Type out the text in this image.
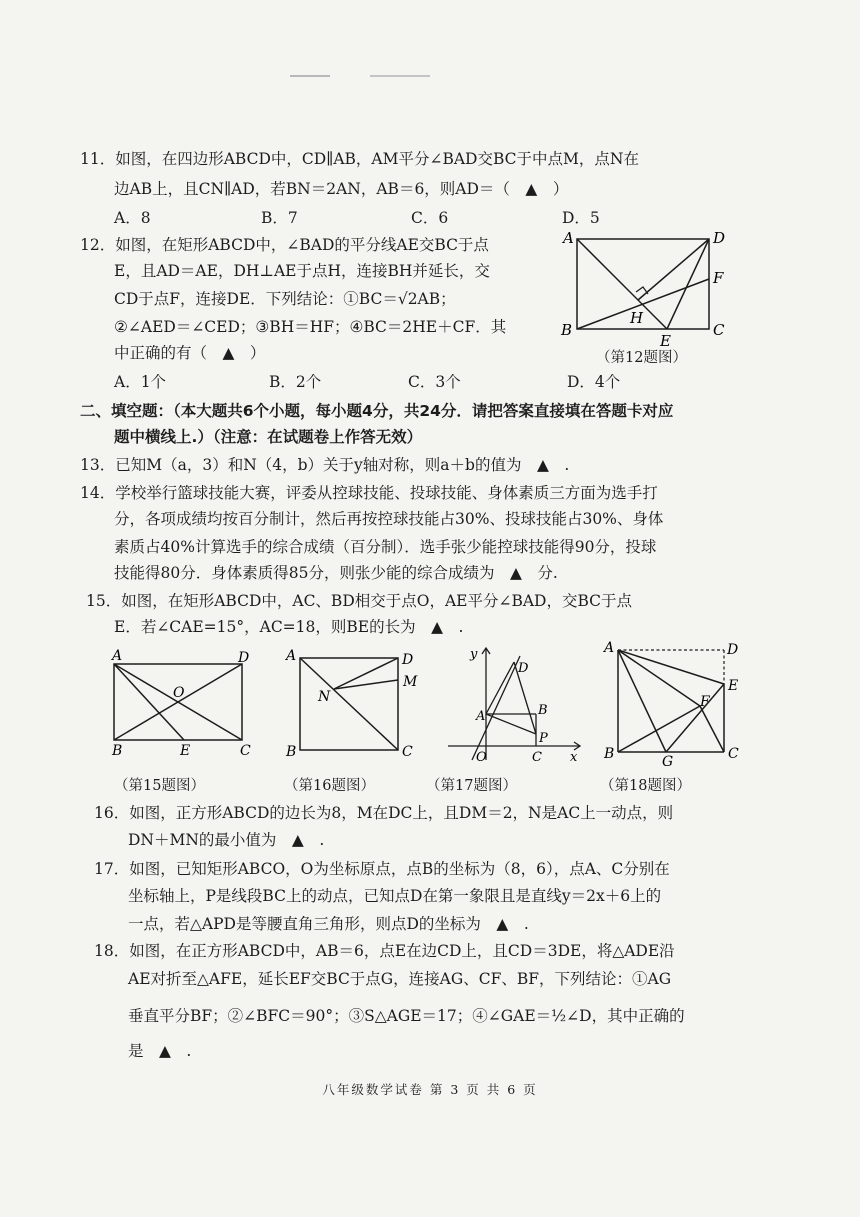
11．如图，在四边形ABCD中，CD∥AB，AM平分∠BAD交BC于中点M，点N在
边AB上，且CN∥AD，若BN＝2AN，AB＝6，则AD＝（　▲　）
A．8	B．7	C．6	D．5
12．如图，在矩形ABCD中，∠BAD的平分线AE交BC于点
E，且AD＝AE，DH⊥AE于点H，连接BH并延长，交
CD于点F，连接DE．下列结论：①BC＝√2AB；
②∠AED＝∠CED；③BH＝HF；④BC＝2HE＋CF．其
中正确的有（　▲　）
A	D
F
H
B
E
C
（第12题图）
A．1个	B．2个	C．3个	D．4个
二、填空题：（本大题共6个小题，每小题4分，共24分．请把答案直接填在答题卡对应
题中横线上.）（注意：在试题卷上作答无效）
13．已知M（a，3）和N（4，b）关于y轴对称，则a＋b的值为　▲　.
14．学校举行篮球技能大赛，评委从控球技能、投球技能、身体素质三方面为选手打
分，各项成绩均按百分制计，然后再按控球技能占30%、投球技能占30%、身体
素质占40%计算选手的综合成绩（百分制）．选手张少能控球技能得90分，投球
技能得80分．身体素质得85分，则张少能的综合成绩为　▲　分.
15．如图，在矩形ABCD中，AC、BD相交于点O，AE平分∠BAD，交BC于点
E．若∠CAE=15°，AC=18，则BE的长为　▲　.
A	D
O
B	E	C
A	D
M
N
B	C
y
D
A	B
P
O	C x
A	D
E
F
B	G	C
（第15题图）	（第16题图）	（第17题图）	（第18题图）
16．如图，正方形ABCD的边长为8，M在DC上，且DM＝2，N是AC上一动点，则
DN＋MN的最小值为　▲　.
17．如图，已知矩形ABCO，O为坐标原点，点B的坐标为（8，6），点A、C分别在
坐标轴上，P是线段BC上的动点，已知点D在第一象限且是直线y＝2x＋6上的
一点，若△APD是等腰直角三角形，则点D的坐标为　▲　.
18．如图，在正方形ABCD中，AB＝6，点E在边CD上，且CD＝3DE，将△ADE沿
AE对折至△AFE，延长EF交BC于点G，连接AG、CF、BF，下列结论：①AG
垂直平分BF；②∠BFC＝90°；③S△AGE＝17；④∠GAE＝½∠D，其中正确的
是　▲　.
八年级数学试卷 第 3 页 共 6 页
